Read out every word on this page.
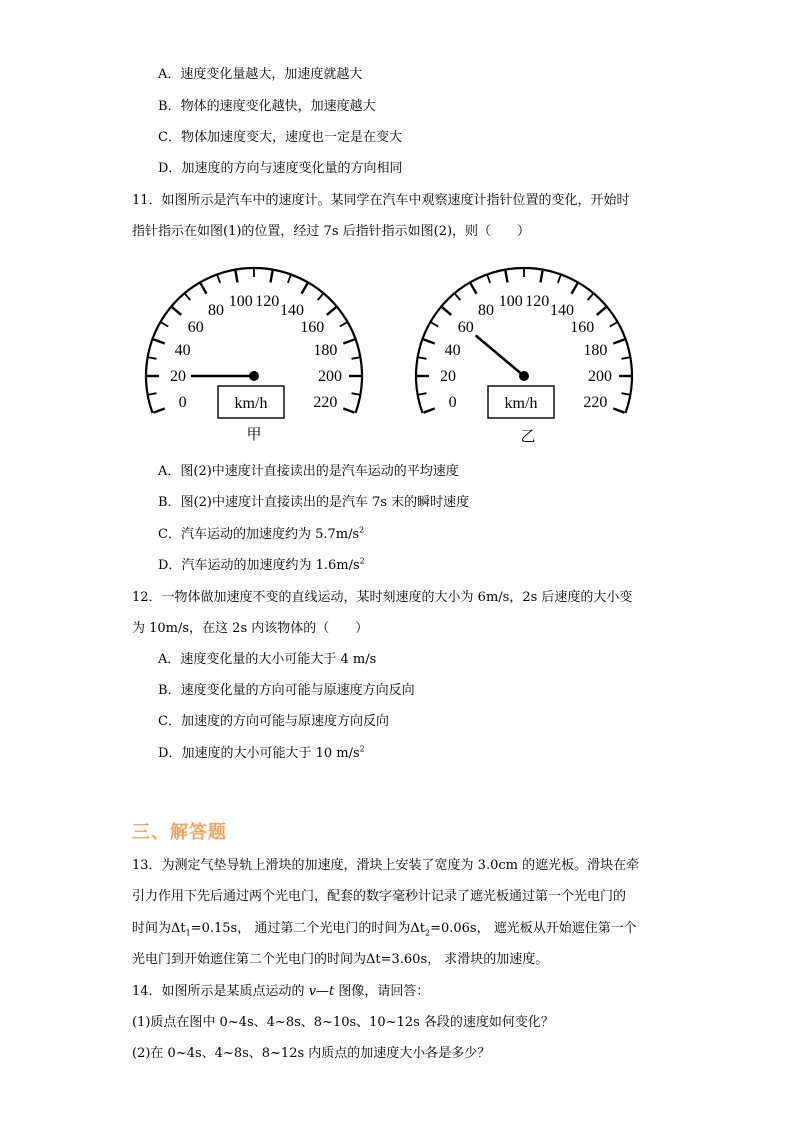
A．速度变化量越大，加速度就越大
B．物体的速度变化越快，加速度越大
C．物体加速度变大，速度也一定是在变大
D．加速度的方向与速度变化量的方向相同
11．如图所示是汽车中的速度计。某同学在汽车中观察速度计指针位置的变化，开始时
指针指示在如图(1)的位置，经过 7s 后指针指示如图(2)，则（　　）
0
20
40
60
80
100 120
140
160
180
200
220
km/h	0
20
40
60
80
100 120
140
160
180
200
220
km/h
甲	乙
A．图(2)中速度计直接读出的是汽车运动的平均速度
B．图(2)中速度计直接读出的是汽车 7s 末的瞬时速度
C．汽车运动的加速度约为 $5.7m/s^2$
D．汽车运动的加速度约为 $1.6m/s^2$
12．一物体做加速度不变的直线运动，某时刻速度的大小为 6m/s，2s 后速度的大小变
为 10m/s，在这 2s 内该物体的（　　）
A．速度变化量的大小可能大于 4 m/s
B．速度变化量的方向可能与原速度方向反向
C．加速度的方向可能与原速度方向反向
D．加速度的大小可能大于 10 $m/s^2$
三、解答题
13．为测定气垫导轨上滑块的加速度，滑块上安装了宽度为 3.0cm 的遮光板。滑块在牵
引力作用下先后通过两个光电门，配套的数字毫秒计记录了遮光板通过第一个光电门的
时间为$\Delta t_1=0.15s$， 通过第二个光电门的时间为$\Delta t_2=0.06s$， 遮光板从开始遮住第一个
光电门到开始遮住第二个光电门的时间为Δt=3.60s， 求滑块的加速度。
14．如图所示是某质点运动的 v—t 图像，请回答：
(1)质点在图中 0~4s、4~8s、8~10s、10~12s 各段的速度如何变化？
(2)在 0~4s、4~8s、8~12s 内质点的加速度大小各是多少？
